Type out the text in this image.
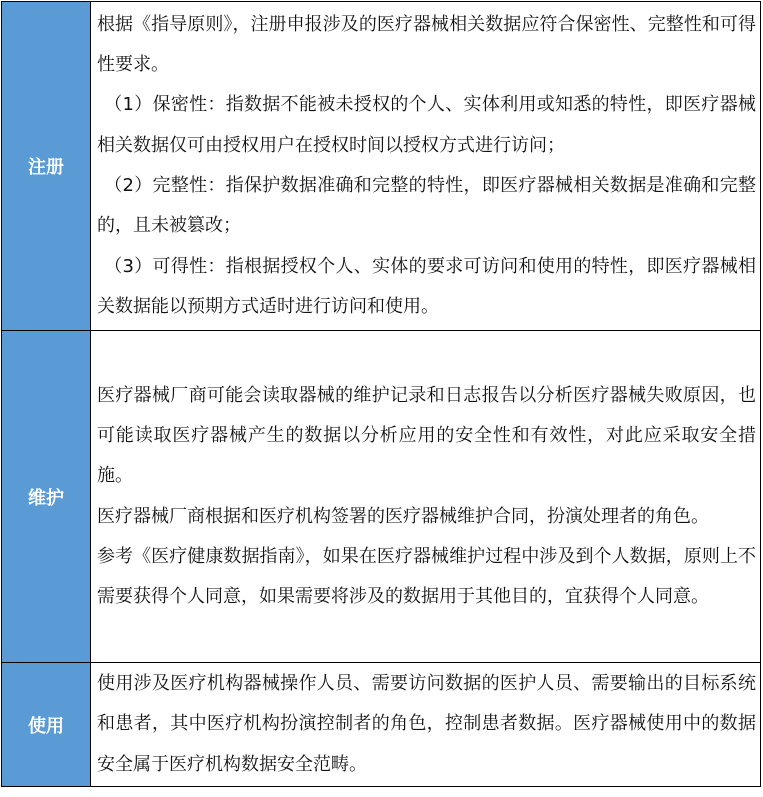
注册	根据《指导原则》，注册申报涉及的医疗器械相关数据应符合保密性、完整性和可得性要求。

（1）保密性：指数据不能被未授权的个人、实体利用或知悉的特性，即医疗器械相关数据仅可由授权用户在授权时间以授权方式进行访问；

（2）完整性：指保护数据准确和完整的特性，即医疗器械相关数据是准确和完整的，且未被篡改；

（3）可得性：指根据授权个人、实体的要求可访问和使用的特性，即医疗器械相关数据能以预期方式适时进行访问和使用。

维护	医疗器械厂商可能会读取器械的维护记录和日志报告以分析医疗器械失败原因，也可能读取医疗器械产生的数据以分析应用的安全性和有效性，对此应采取安全措施。

医疗器械厂商根据和医疗机构签署的医疗器械维护合同，扮演处理者的角色。

参考《医疗健康数据指南》，如果在医疗器械维护过程中涉及到个人数据，原则上不需要获得个人同意，如果需要将涉及的数据用于其他目的，宜获得个人同意。

使用	使用涉及医疗机构器械操作人员、需要访问数据的医护人员、需要输出的目标系统和患者，其中医疗机构扮演控制者的角色，控制患者数据。医疗器械使用中的数据安全属于医疗机构数据安全范畴。
